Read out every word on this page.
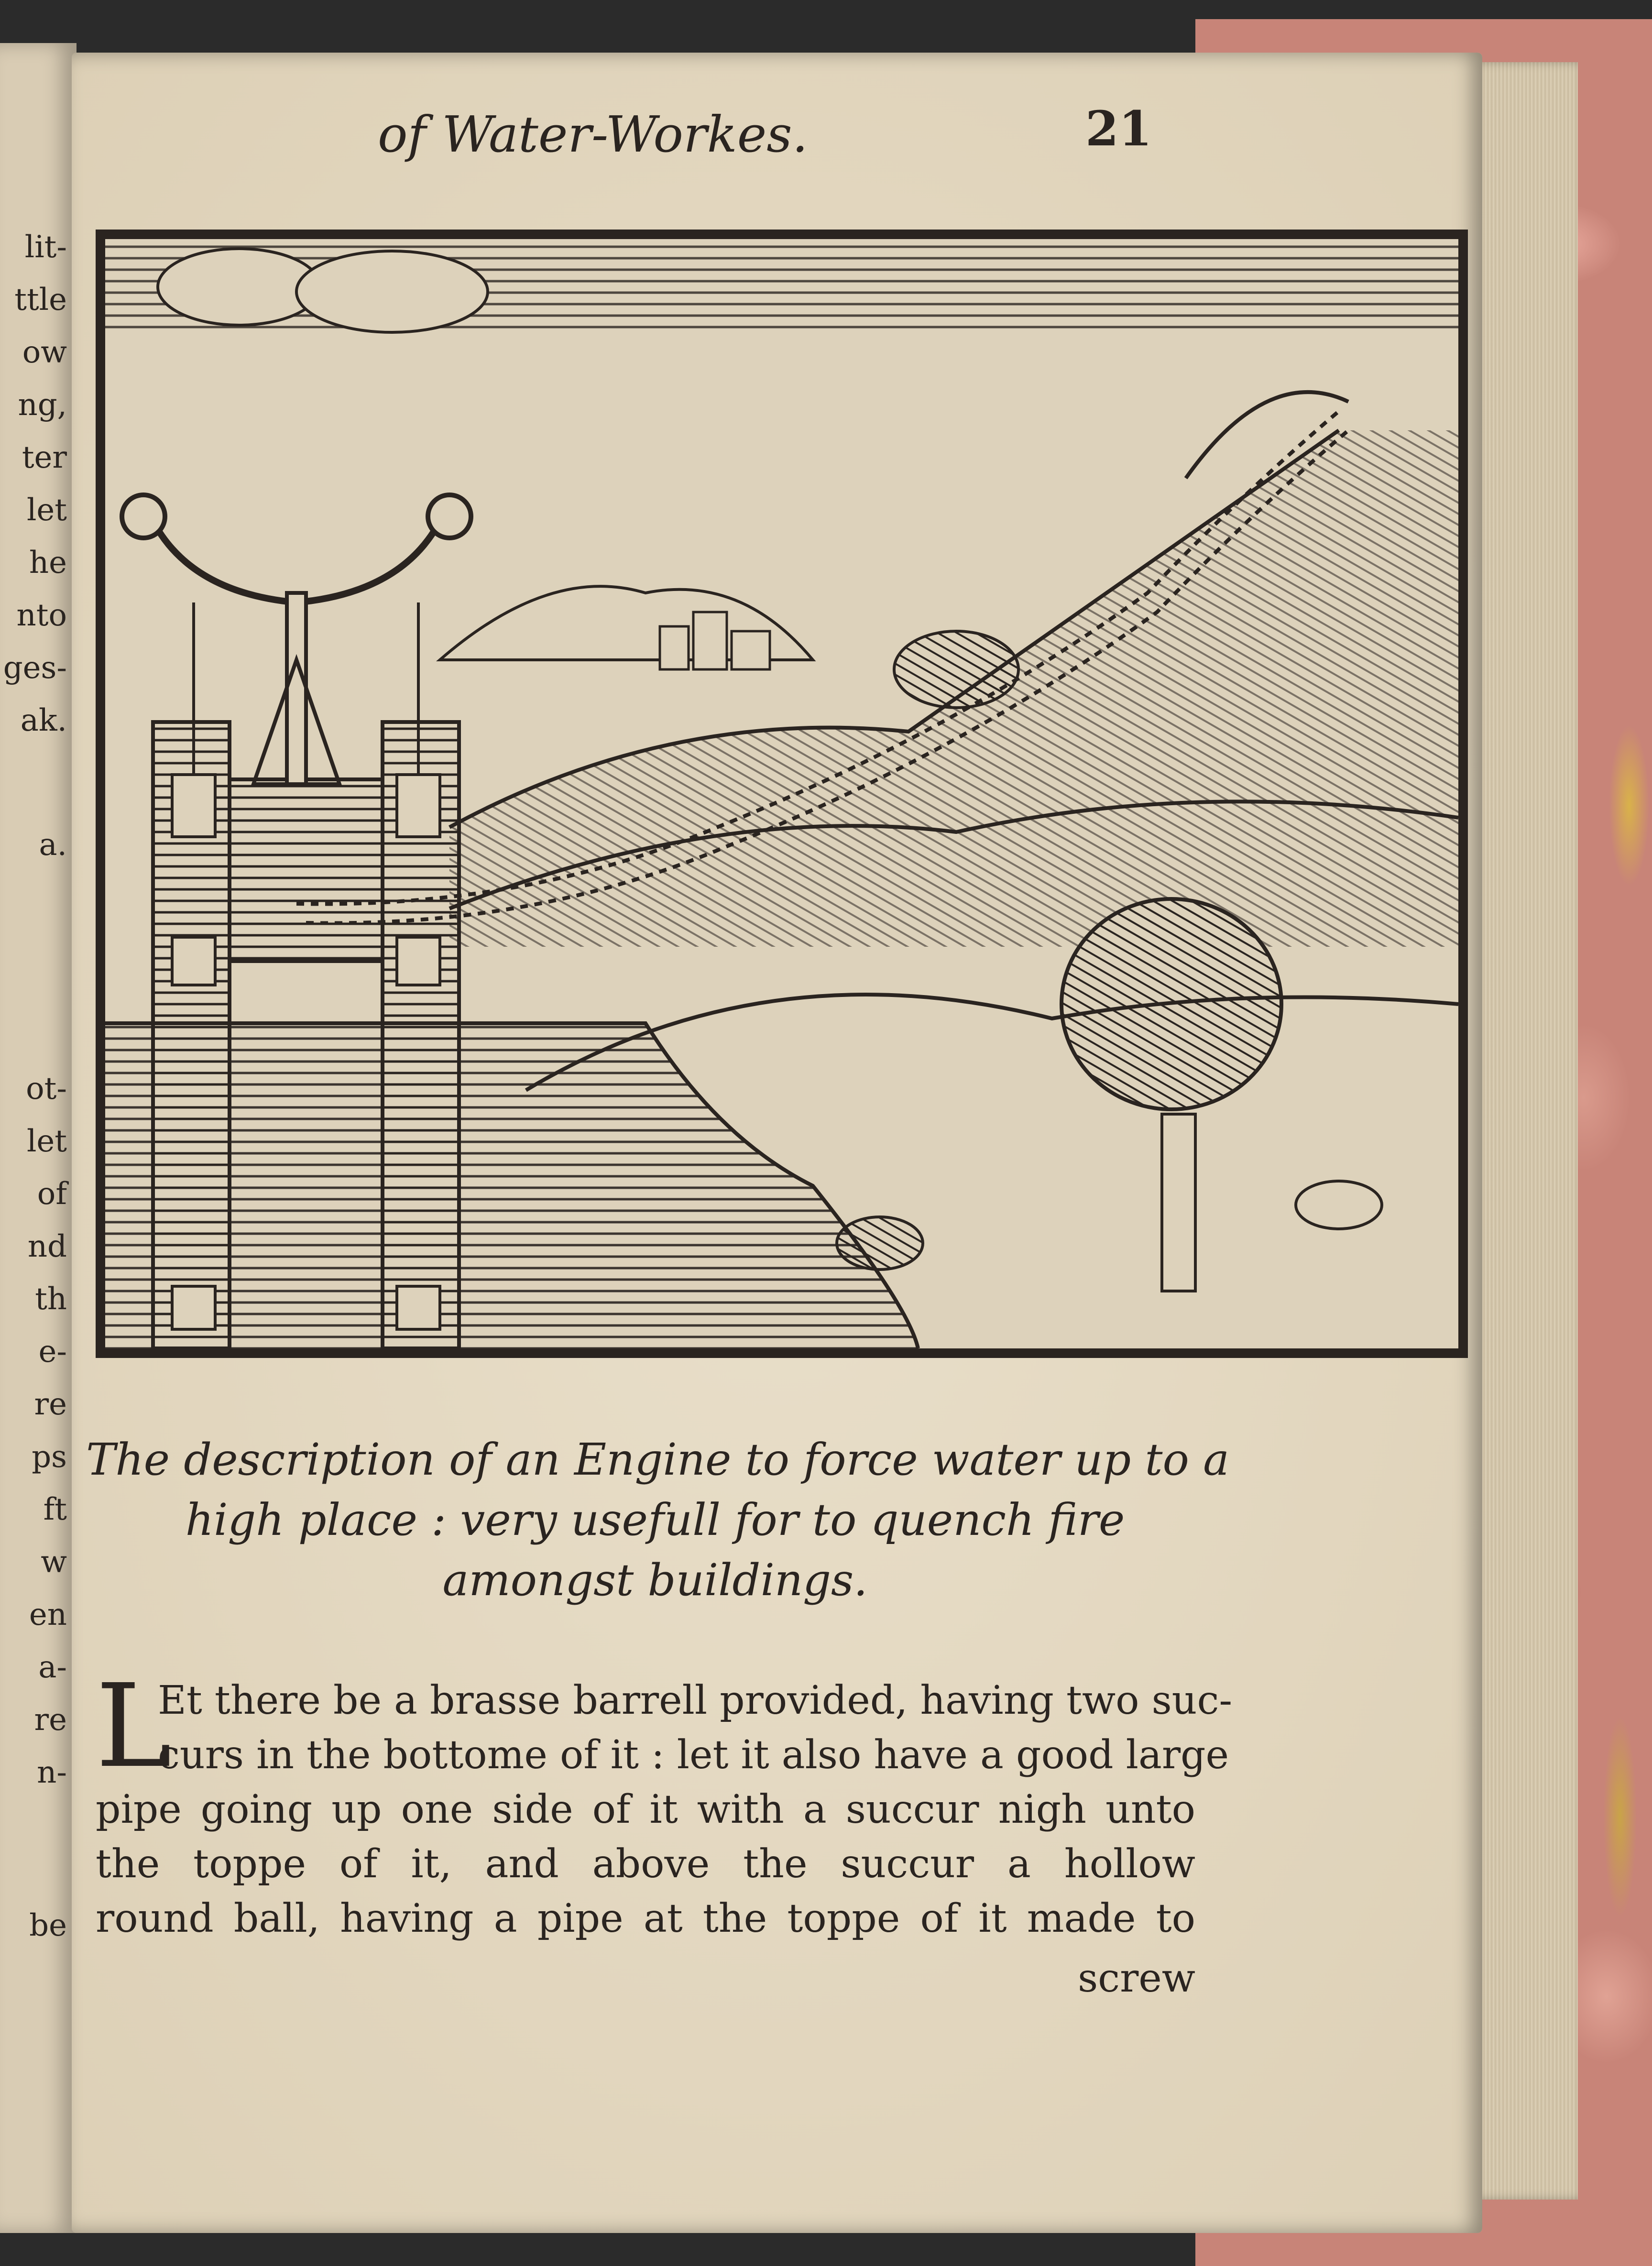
lit-
ttle
ow
ng,
ter
let
he
nto
ges-
ak.
a.
ot-
let
of
nd
th
e-
re
ps
ft
w
en
a-
re
n-
be
of Water-Workes.	21
The description of an Engine to force water up to a
high place : very usefull for to quench fire
amongst buildings.
L
Et there be a brasse barrell provided, having two suc-
curs in the bottome of it : let it also have a good large
pipe going up one side of it with a succur nigh unto
the toppe of it, and above the succur a hollow
round ball, having a pipe at the toppe of it made to
screw
